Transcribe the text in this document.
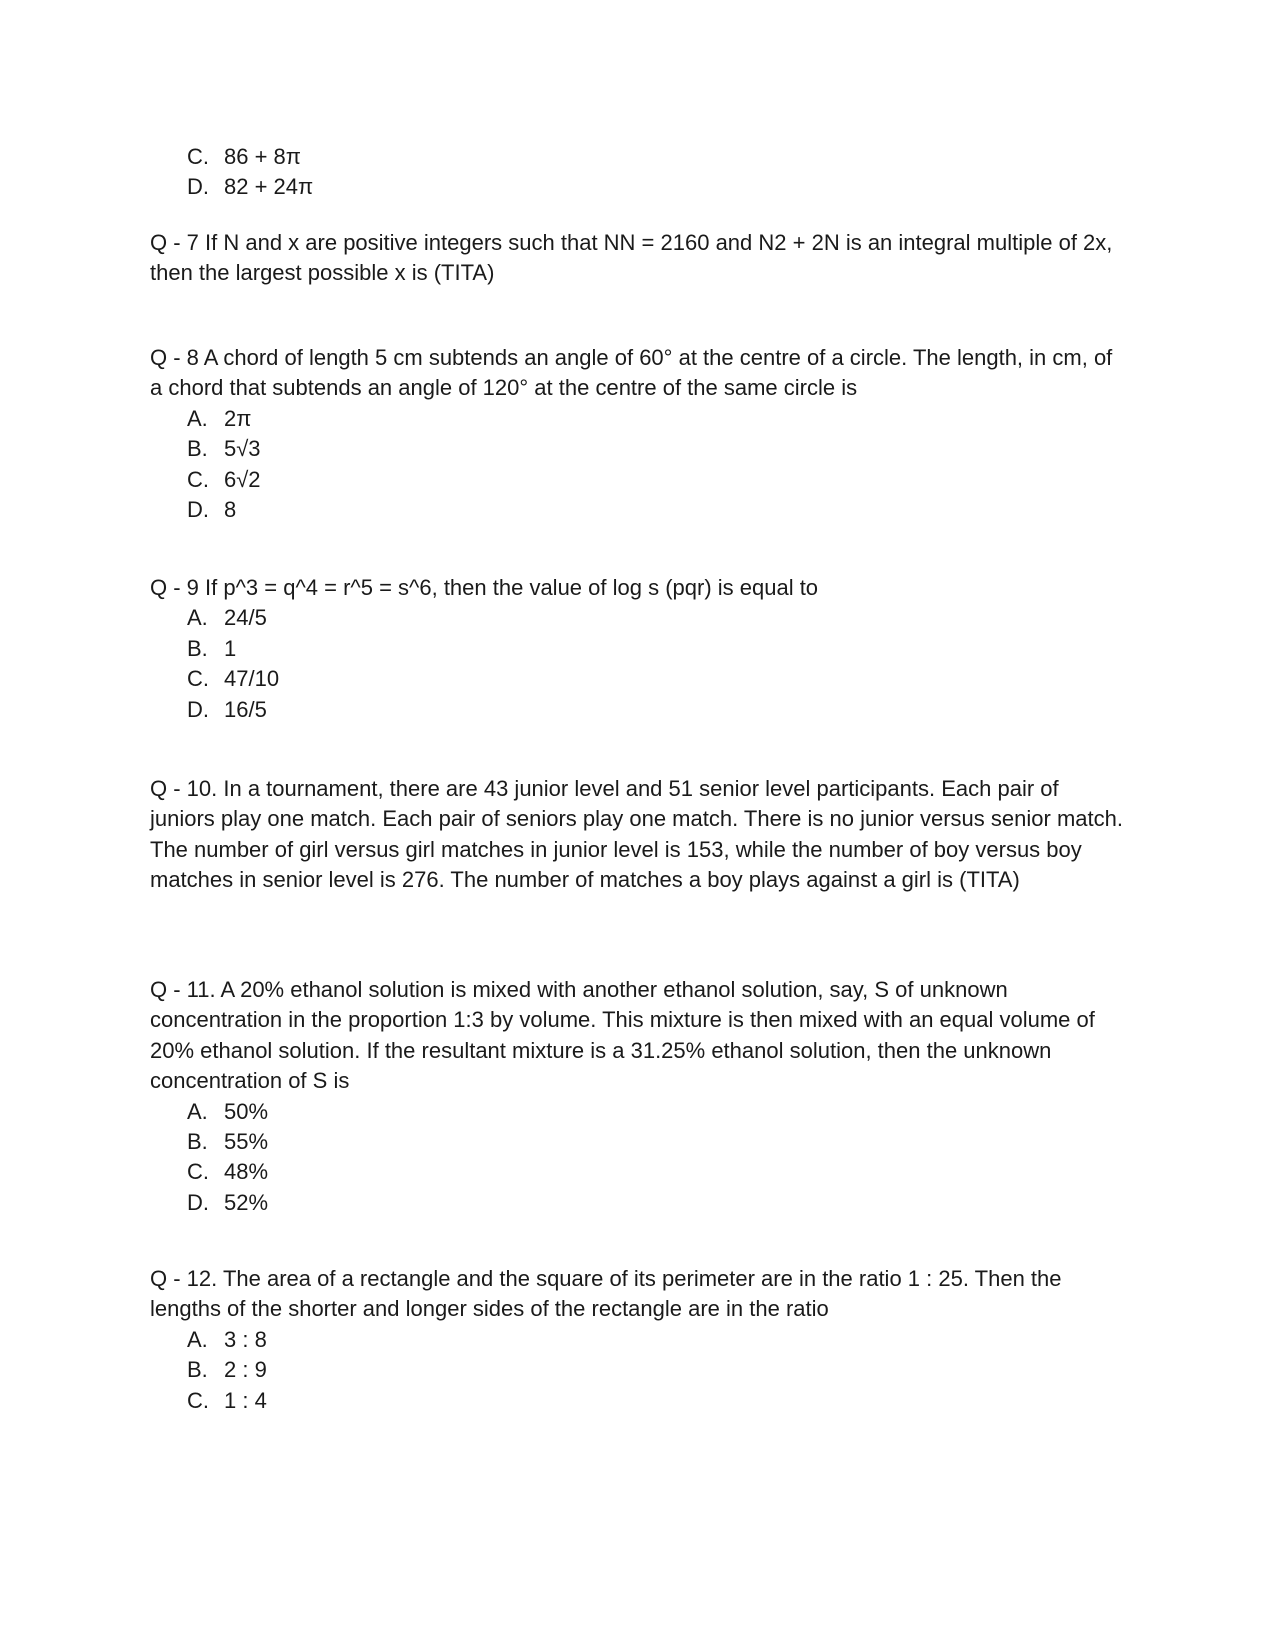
C. 86 + 8π
D. 82 + 24π

Q - 7 If N and x are positive integers such that NN = 2160 and N2 + 2N is an integral multiple of 2x, then the largest possible x is (TITA)

Q - 8 A chord of length 5 cm subtends an angle of 60° at the centre of a circle. The length, in cm, of a chord that subtends an angle of 120° at the centre of the same circle is

A. 2π
B. 5√3
C. 6√2
D. 8

Q - 9 If p^3 = q^4 = r^5 = s^6, then the value of log s (pqr) is equal to

A. 24/5
B. 1
C. 47/10
D. 16/5

Q - 10. In a tournament, there are 43 junior level and 51 senior level participants. Each pair of juniors play one match. Each pair of seniors play one match. There is no junior versus senior match. The number of girl versus girl matches in junior level is 153, while the number of boy versus boy matches in senior level is 276. The number of matches a boy plays against a girl is (TITA)

Q - 11. A 20% ethanol solution is mixed with another ethanol solution, say, S of unknown concentration in the proportion 1:3 by volume. This mixture is then mixed with an equal volume of 20% ethanol solution. If the resultant mixture is a 31.25% ethanol solution, then the unknown concentration of S is

A. 50%
B. 55%
C. 48%
D. 52%

Q - 12. The area of a rectangle and the square of its perimeter are in the ratio 1 : 25. Then the lengths of the shorter and longer sides of the rectangle are in the ratio

A. 3 : 8
B. 2 : 9
C. 1 : 4
